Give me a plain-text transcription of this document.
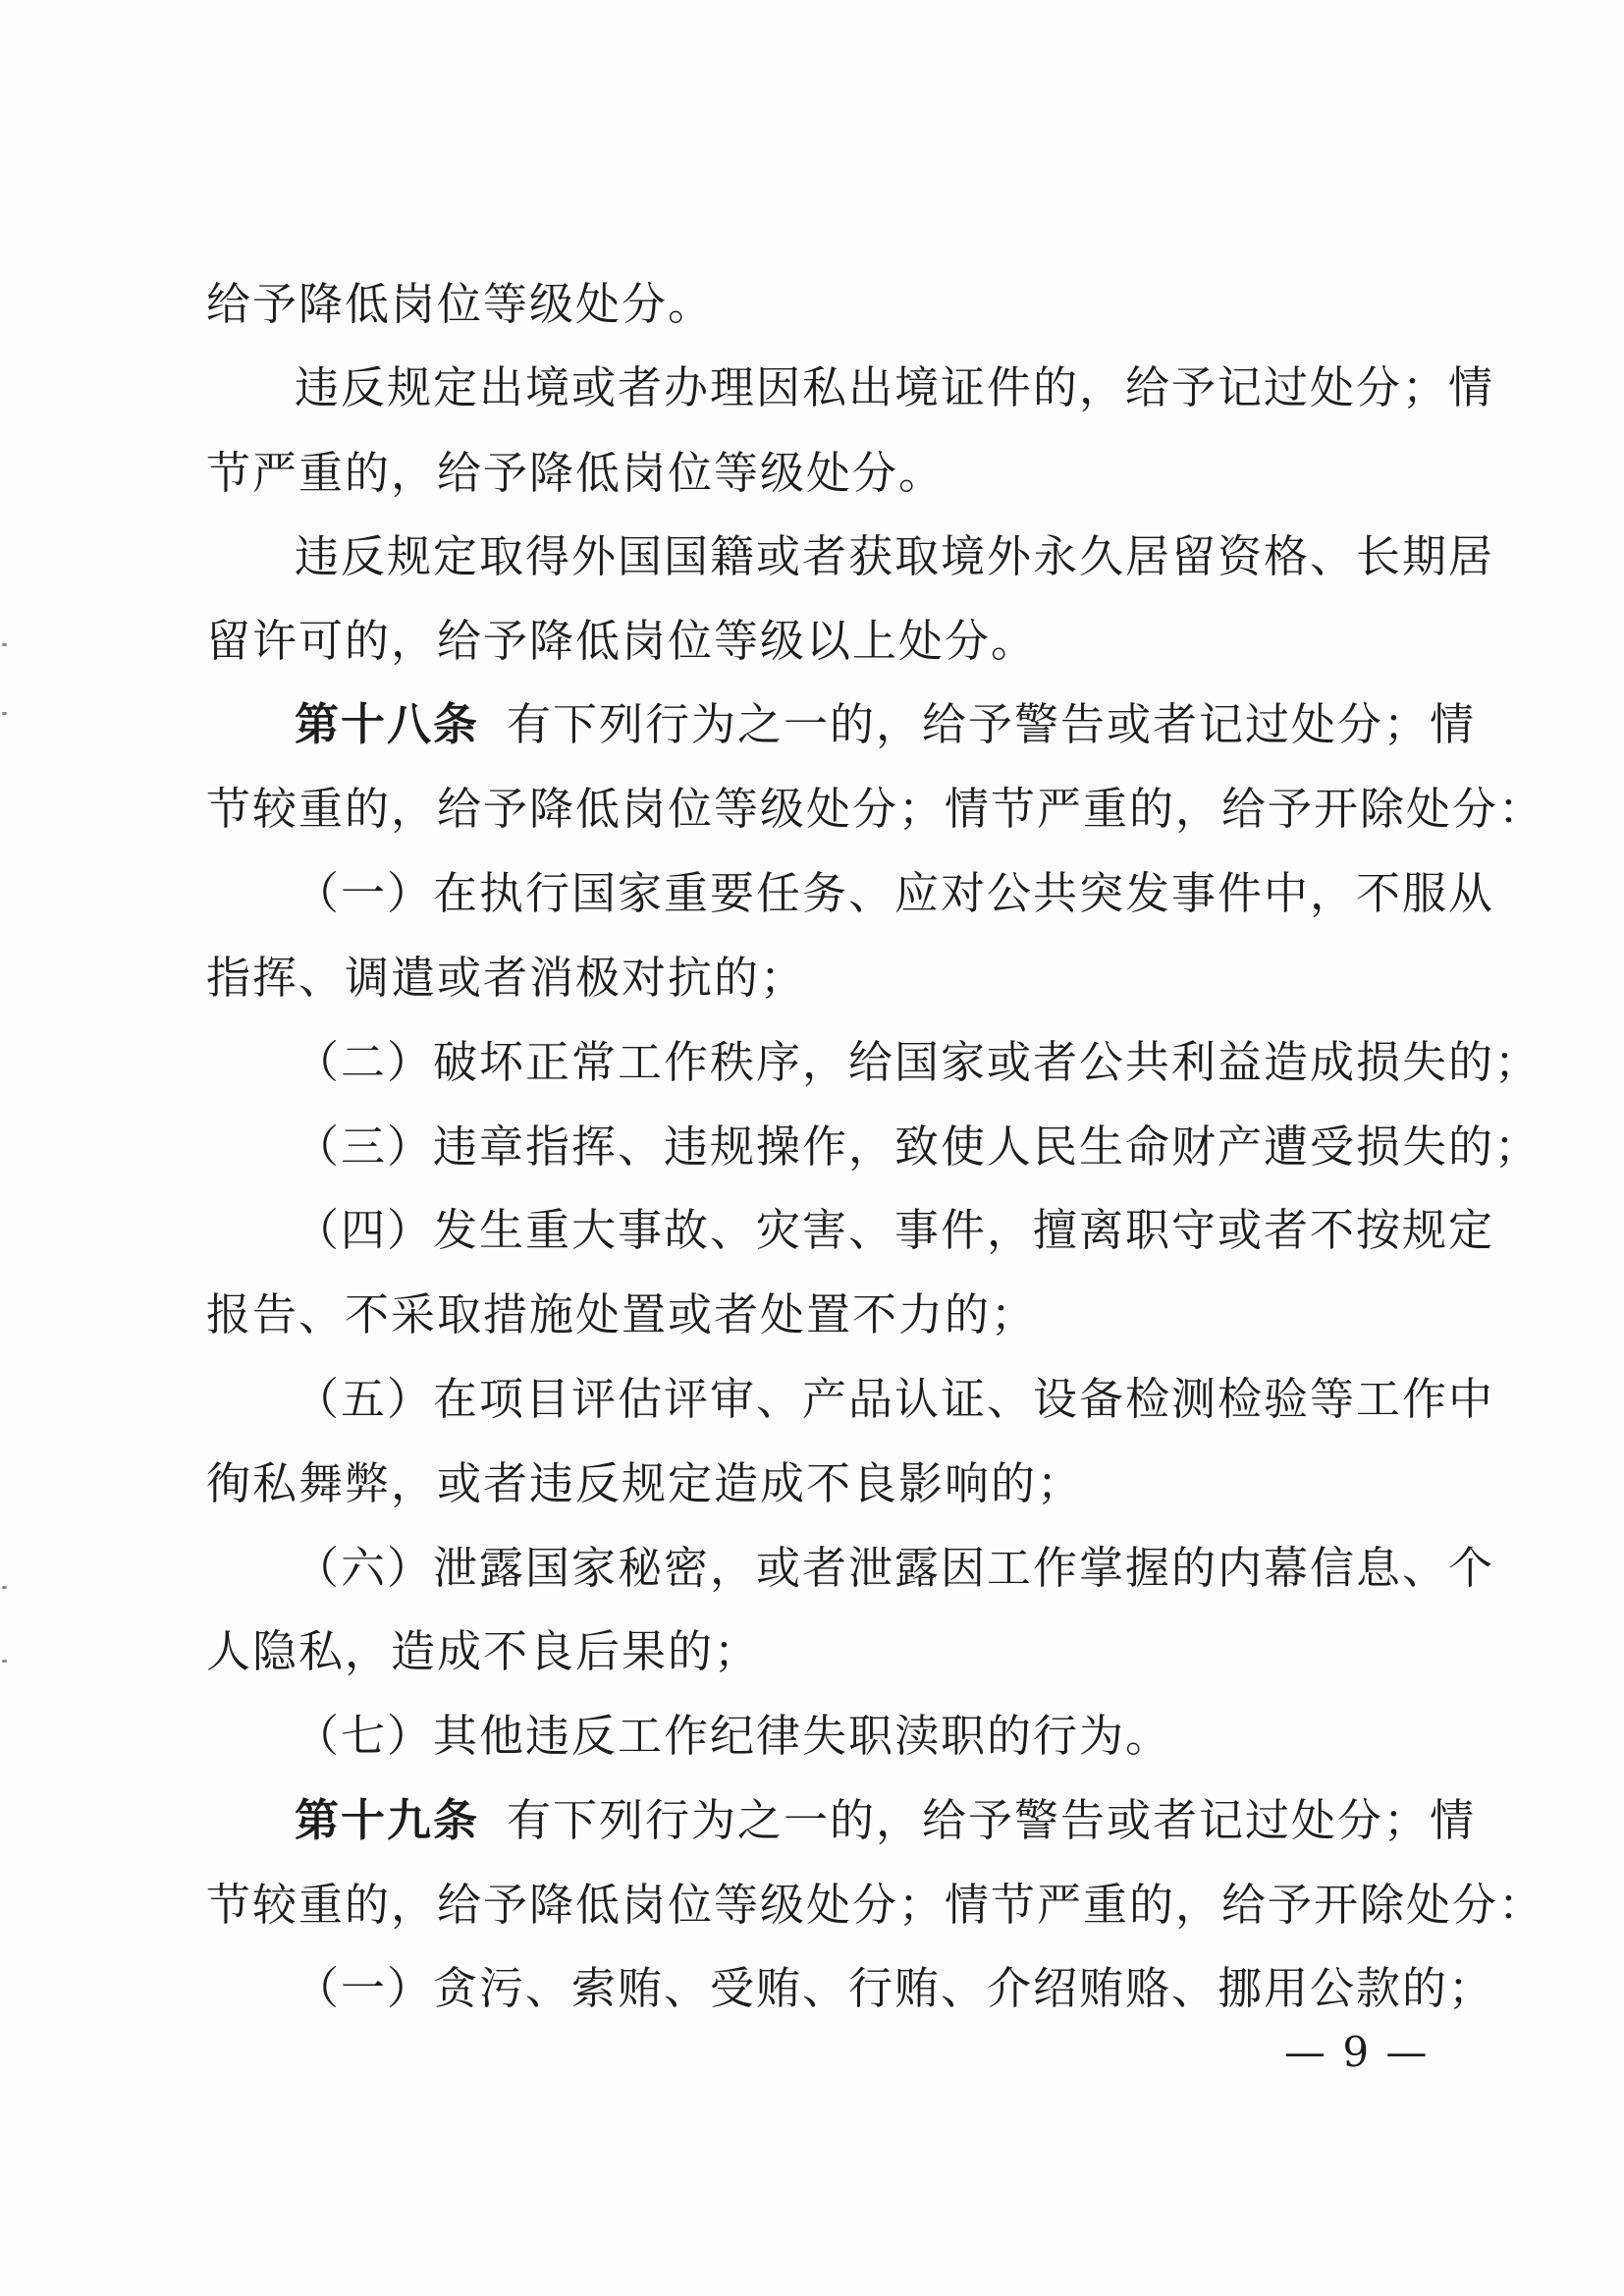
给予降低岗位等级处分。
违反规定出境或者办理因私出境证件的，给予记过处分；情
节严重的，给予降低岗位等级处分。
违反规定取得外国国籍或者获取境外永久居留资格、长期居
留许可的，给予降低岗位等级以上处分。
第十八条 有下列行为之一的，给予警告或者记过处分；情
节较重的，给予降低岗位等级处分；情节严重的，给予开除处分：
（一）在执行国家重要任务、应对公共突发事件中，不服从
指挥、调遣或者消极对抗的；
（二）破坏正常工作秩序，给国家或者公共利益造成损失的；
（三）违章指挥、违规操作，致使人民生命财产遭受损失的；
（四）发生重大事故、灾害、事件，擅离职守或者不按规定
报告、不采取措施处置或者处置不力的；
（五）在项目评估评审、产品认证、设备检测检验等工作中
徇私舞弊，或者违反规定造成不良影响的；
（六）泄露国家秘密，或者泄露因工作掌握的内幕信息、个
人隐私，造成不良后果的；
（七）其他违反工作纪律失职渎职的行为。
第十九条 有下列行为之一的，给予警告或者记过处分；情
节较重的，给予降低岗位等级处分；情节严重的，给予开除处分：
（一）贪污、索贿、受贿、行贿、介绍贿赂、挪用公款的；
— 9 —
